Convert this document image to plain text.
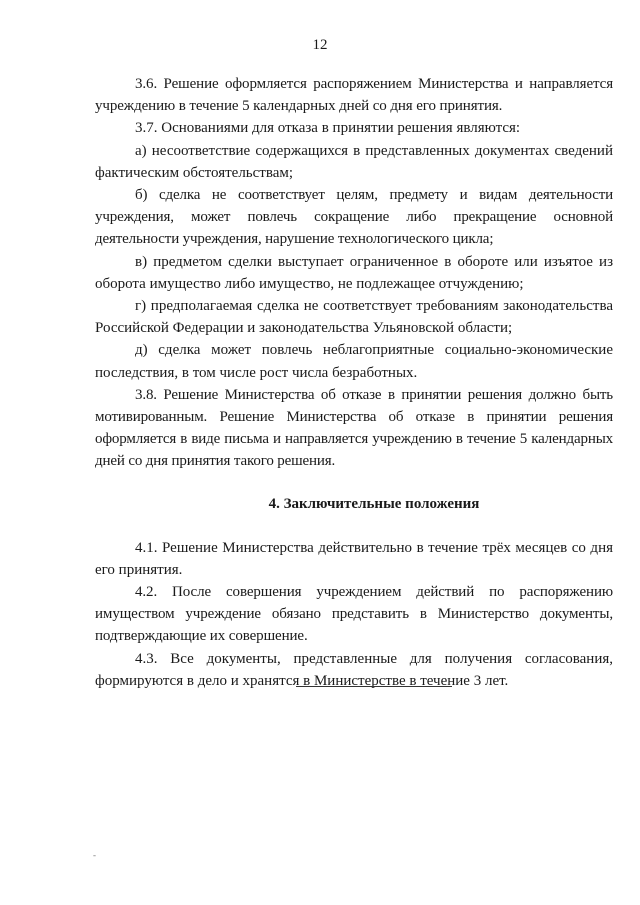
12

3.6. Решение оформляется распоряжением Министерства и направляется учреждению в течение 5 календарных дней со дня его принятия.

3.7. Основаниями для отказа в принятии решения являются:

а) несоответствие содержащихся в представленных документах сведений фактическим обстоятельствам;

б) сделка не соответствует целям, предмету и видам деятельности учреждения, может повлечь сокращение либо прекращение основной деятельности учреждения, нарушение технологического цикла;

в) предметом сделки выступает ограниченное в обороте или изъятое из оборота имущество либо имущество, не подлежащее отчуждению;

г) предполагаемая сделка не соответствует требованиям законодательства Российской Федерации и законодательства Ульяновской области;

д) сделка может повлечь неблагоприятные социально-экономические последствия, в том числе рост числа безработных.

3.8. Решение Министерства об отказе в принятии решения должно быть мотивированным. Решение Министерства об отказе в принятии решения оформляется в виде письма и направляется учреждению в течение 5 календарных дней со дня принятия такого решения.

4. Заключительные положения

4.1. Решение Министерства действительно в течение трёх месяцев со дня его принятия.

4.2. После совершения учреждением действий по распоряжению имуществом учреждение обязано представить в Министерство документы, подтверждающие их совершение.

4.3. Все документы, представленные для получения согласования, формируются в дело и хранятся в Министерстве в течение 3 лет.

-
